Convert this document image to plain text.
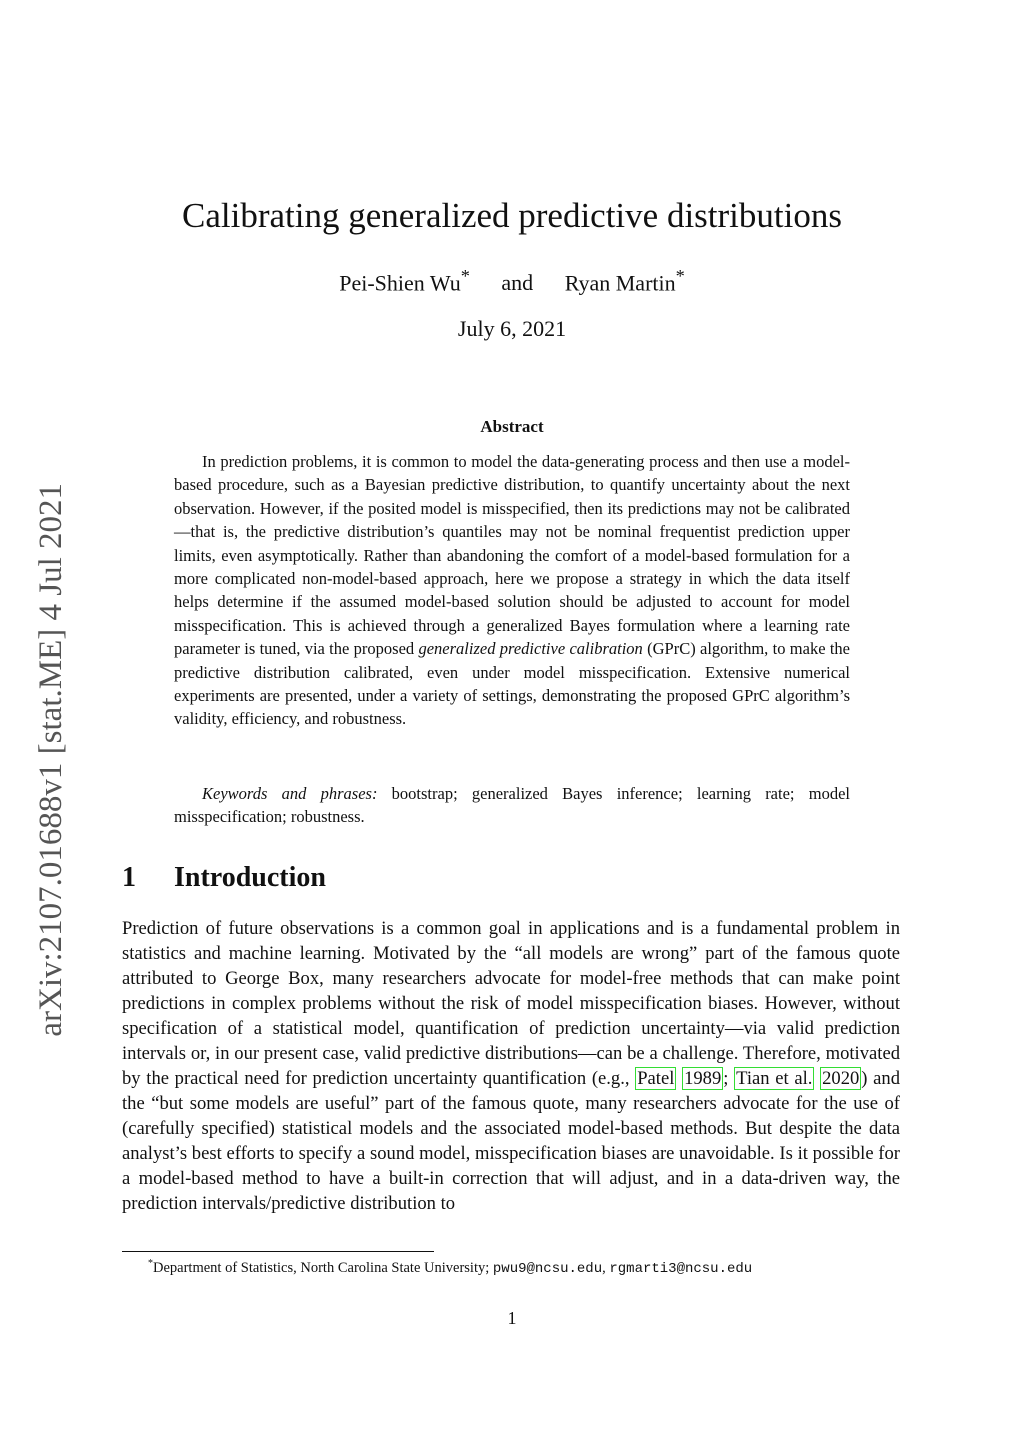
arXiv:2107.01688v1 [stat.ME] 4 Jul 2021
Calibrating generalized predictive distributions
Pei-Shien Wu* and Ryan Martin*
July 6, 2021
Abstract

In prediction problems, it is common to model the data-generating process and then use a model-based procedure, such as a Bayesian predictive distribution, to quantify uncertainty about the next observation. However, if the posited model is misspecified, then its predictions may not be calibrated—that is, the predictive distribution’s quantiles may not be nominal frequentist prediction upper limits, even asymptotically. Rather than abandoning the comfort of a model-based formulation for a more complicated non-model-based approach, here we propose a strategy in which the data itself helps determine if the assumed model-based solution should be adjusted to account for model misspecification. This is achieved through a generalized Bayes formulation where a learning rate parameter is tuned, via the proposed generalized predictive calibration (GPrC) algorithm, to make the predictive distribution calibrated, even under model misspecification. Extensive numerical experiments are presented, under a variety of settings, demonstrating the proposed GPrC algorithm’s validity, efficiency, and robustness.

Keywords and phrases: bootstrap; generalized Bayes inference; learning rate; model misspecification; robustness.

1 Introduction

Prediction of future observations is a common goal in applications and is a fundamental problem in statistics and machine learning. Motivated by the “all models are wrong” part of the famous quote attributed to George Box, many researchers advocate for model-free methods that can make point predictions in complex problems without the risk of model misspecification biases. However, without specification of a statistical model, quantification of prediction uncertainty—via valid prediction intervals or, in our present case, valid predictive distributions—can be a challenge. Therefore, motivated by the practical need for prediction uncertainty quantification (e.g., Patel 1989 ; Tian et al. 2020 ) and the “but some models are useful” part of the famous quote, many researchers advocate for the use of (carefully specified) statistical models and the associated model-based methods. But despite the data analyst’s best efforts to specify a sound model, misspecification biases are unavoidable. Is it possible for a model-based method to have a built-in correction that will adjust, and in a data-driven way, the prediction intervals/predictive distribution to

*Department of Statistics, North Carolina State University; pwu9@ncsu.edu, rgmarti3@ncsu.edu
1
